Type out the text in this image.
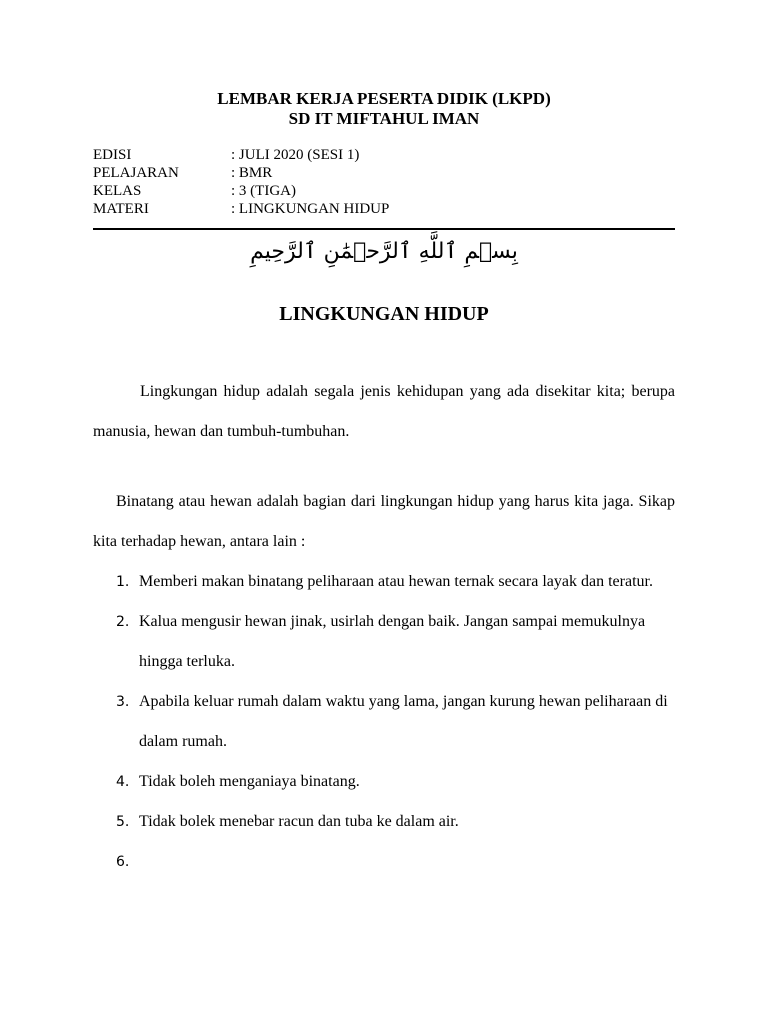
LEMBAR KERJA PESERTA DIDIK (LKPD)
SD IT MIFTAHUL IMAN
EDISI	: JULI 2020 (SESI 1)
PELAJARAN	: BMR
KELAS	: 3 (TIGA)
MATERI	: LINGKUNGAN HIDUP
بِسۡمِ ٱللَّهِ ٱلرَّحۡمَٰنِ ٱلرَّحِيمِ
LINGKUNGAN HIDUP

Lingkungan hidup adalah segala jenis kehidupan yang ada disekitar kita; berupa manusia, hewan dan tumbuh-tumbuhan.

Binatang atau hewan adalah bagian dari lingkungan hidup yang harus kita jaga. Sikap kita terhadap hewan, antara lain :

1. Memberi makan binatang peliharaan atau hewan ternak secara layak dan teratur.
2. Kalua mengusir hewan jinak, usirlah dengan baik. Jangan sampai memukulnya hingga terluka.
3. Apabila keluar rumah dalam waktu yang lama, jangan kurung hewan peliharaan di dalam rumah.
4. Tidak boleh menganiaya binatang.
5. Tidak bolek menebar racun dan tuba ke dalam air.
6.
